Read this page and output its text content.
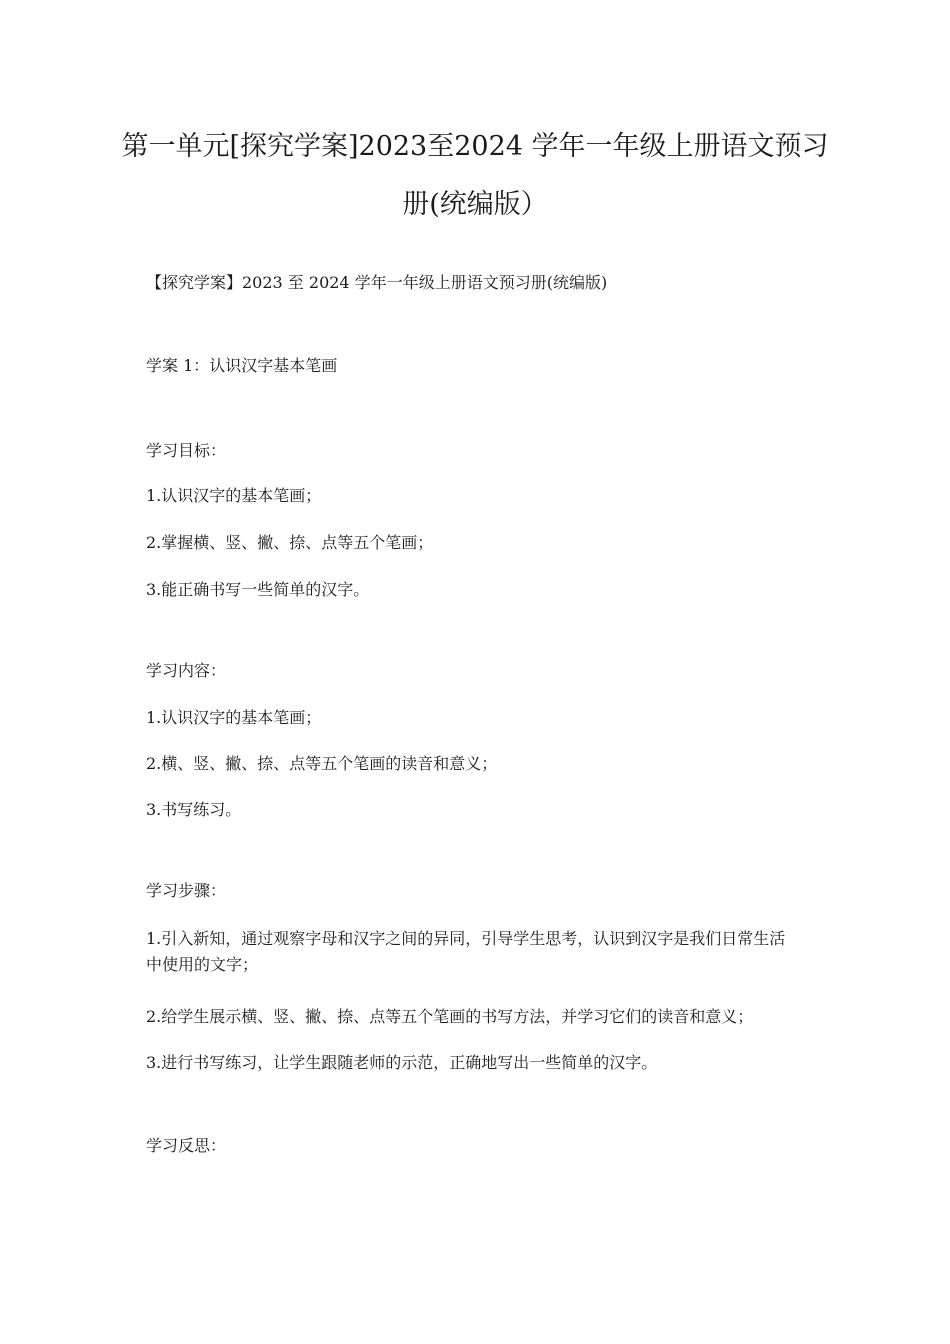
第一单元[探究学案]2023至2024 学年一年级上册语文预习册(统编版）

【探究学案】2023 至 2024 学年一年级上册语文预习册(统编版)

学案 1：认识汉字基本笔画

学习目标：

1.认识汉字的基本笔画；

2.掌握横、竖、撇、捺、点等五个笔画；

3.能正确书写一些简单的汉字。

学习内容：

1.认识汉字的基本笔画；

2.横、竖、撇、捺、点等五个笔画的读音和意义；

3.书写练习。

学习步骤：

1.引入新知，通过观察字母和汉字之间的异同，引导学生思考，认识到汉字是我们日常生活中使用的文字；

2.给学生展示横、竖、撇、捺、点等五个笔画的书写方法，并学习它们的读音和意义；

3.进行书写练习，让学生跟随老师的示范，正确地写出一些简单的汉字。

学习反思：
